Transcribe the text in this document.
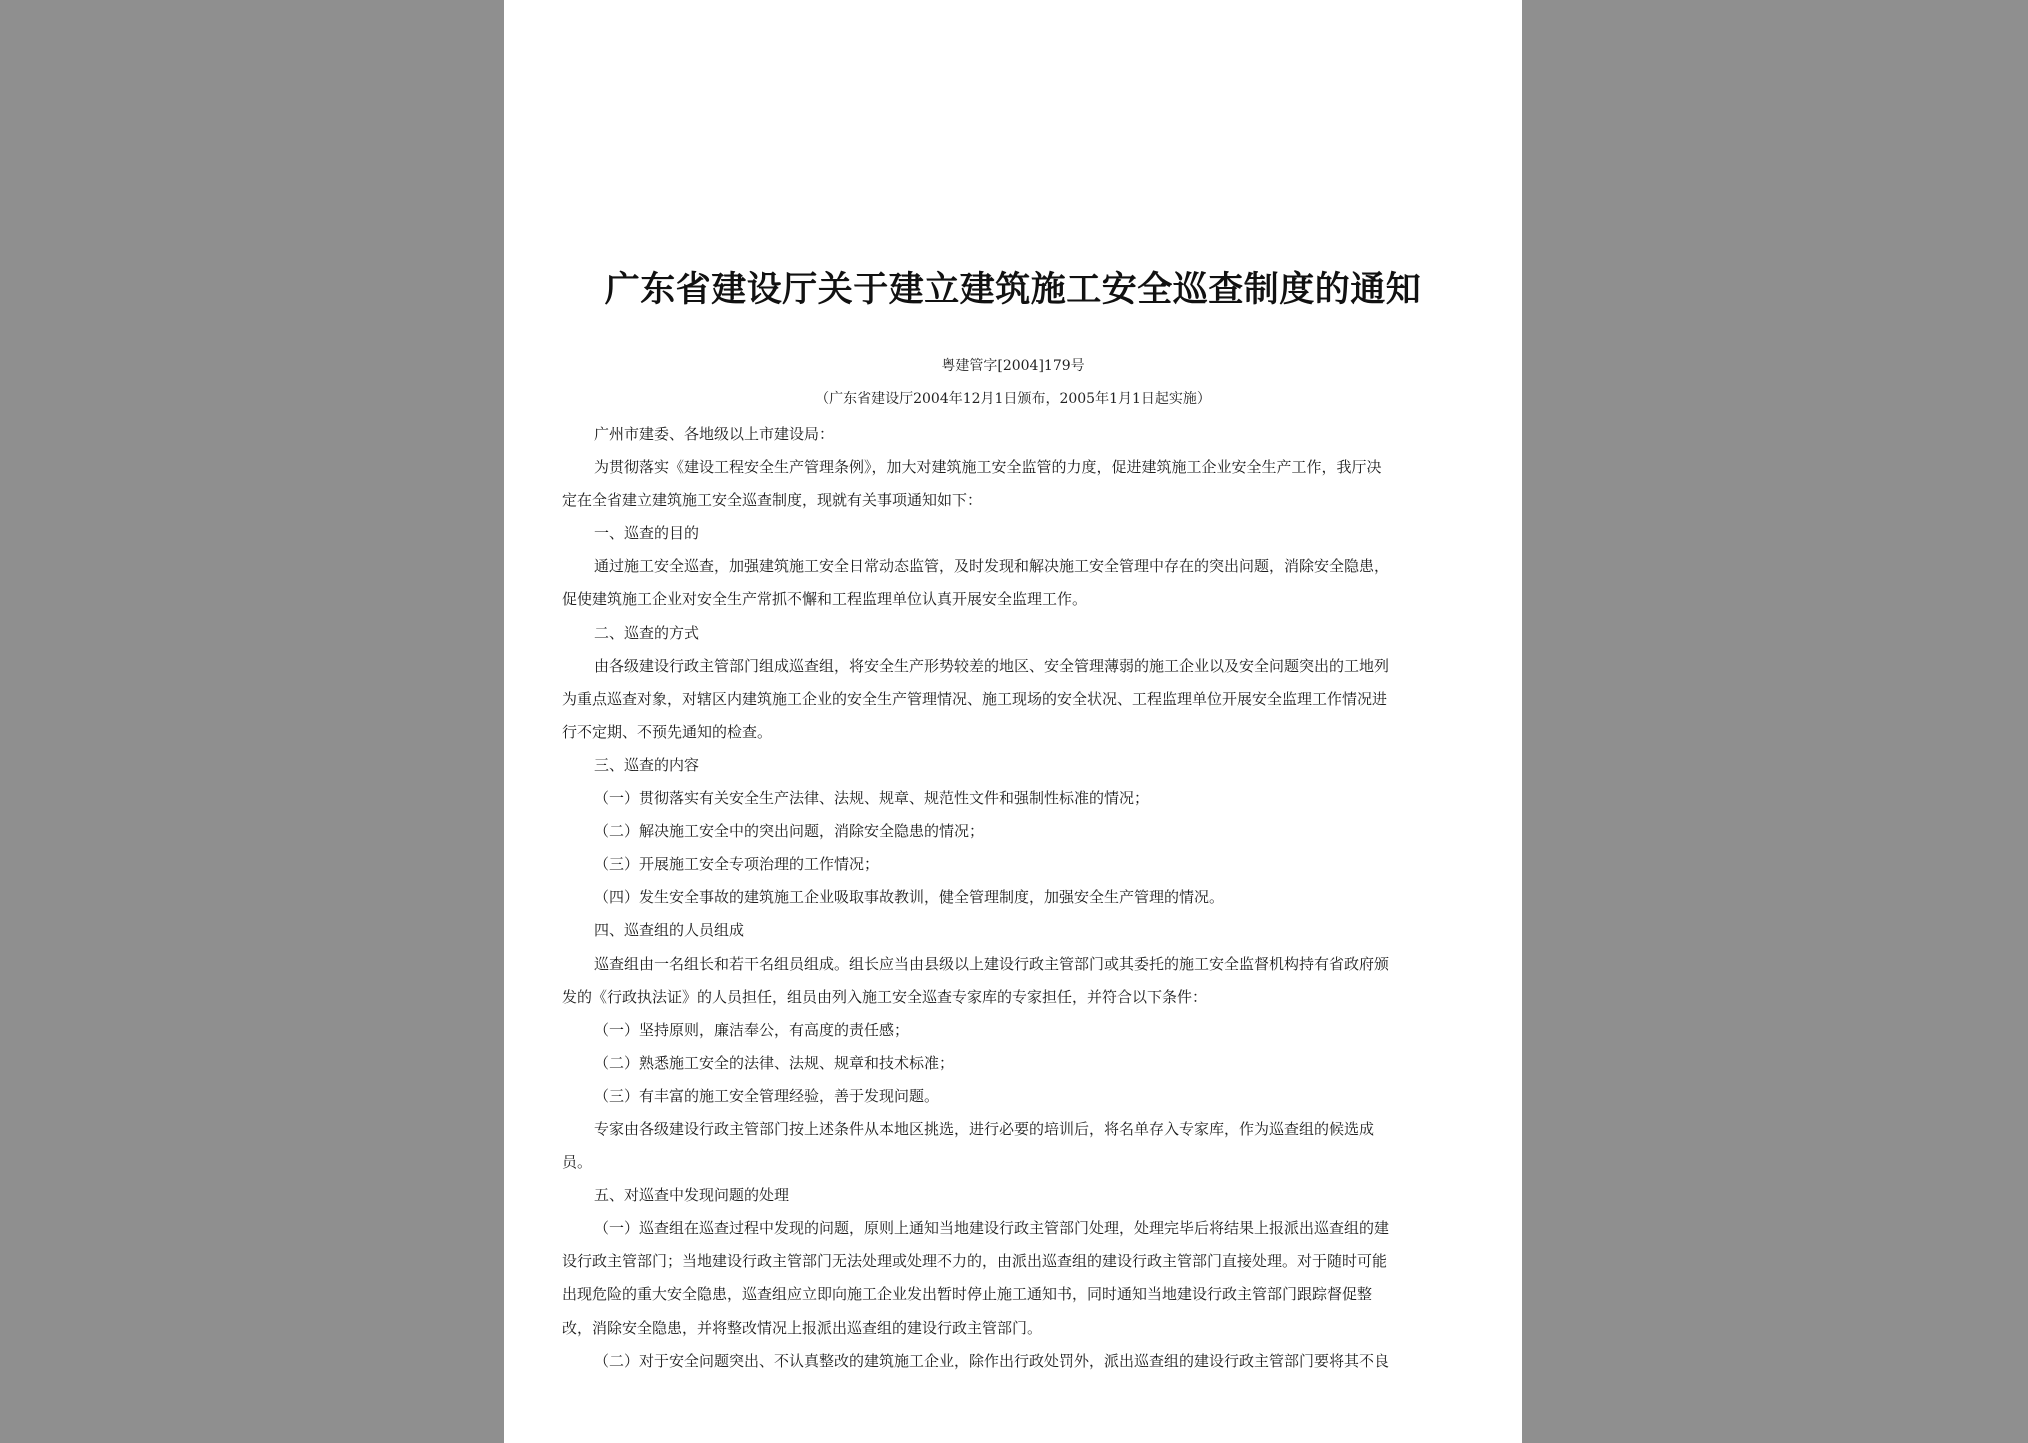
广东省建设厅关于建立建筑施工安全巡查制度的通知
粤建管字[2004]179号
（广东省建设厅2004年12月1日颁布，2005年1月1日起实施）
广州市建委、各地级以上市建设局：
为贯彻落实《建设工程安全生产管理条例》，加大对建筑施工安全监管的力度，促进建筑施工企业安全生产工作，我厅决
定在全省建立建筑施工安全巡查制度，现就有关事项通知如下：
一、巡查的目的
通过施工安全巡查，加强建筑施工安全日常动态监管，及时发现和解决施工安全管理中存在的突出问题，消除安全隐患，
促使建筑施工企业对安全生产常抓不懈和工程监理单位认真开展安全监理工作。
二、巡查的方式
由各级建设行政主管部门组成巡查组，将安全生产形势较差的地区、安全管理薄弱的施工企业以及安全问题突出的工地列
为重点巡查对象，对辖区内建筑施工企业的安全生产管理情况、施工现场的安全状况、工程监理单位开展安全监理工作情况进
行不定期、不预先通知的检查。
三、巡查的内容
（一）贯彻落实有关安全生产法律、法规、规章、规范性文件和强制性标准的情况；
（二）解决施工安全中的突出问题，消除安全隐患的情况；
（三）开展施工安全专项治理的工作情况；
（四）发生安全事故的建筑施工企业吸取事故教训，健全管理制度，加强安全生产管理的情况。
四、巡查组的人员组成
巡查组由一名组长和若干名组员组成。组长应当由县级以上建设行政主管部门或其委托的施工安全监督机构持有省政府颁
发的《行政执法证》的人员担任，组员由列入施工安全巡查专家库的专家担任，并符合以下条件：
（一）坚持原则，廉洁奉公，有高度的责任感；
（二）熟悉施工安全的法律、法规、规章和技术标准；
（三）有丰富的施工安全管理经验，善于发现问题。
专家由各级建设行政主管部门按上述条件从本地区挑选，进行必要的培训后，将名单存入专家库，作为巡查组的候选成
员。
五、对巡查中发现问题的处理
（一）巡查组在巡查过程中发现的问题，原则上通知当地建设行政主管部门处理，处理完毕后将结果上报派出巡查组的建
设行政主管部门；当地建设行政主管部门无法处理或处理不力的，由派出巡查组的建设行政主管部门直接处理。对于随时可能
出现危险的重大安全隐患，巡查组应立即向施工企业发出暂时停止施工通知书，同时通知当地建设行政主管部门跟踪督促整
改，消除安全隐患，并将整改情况上报派出巡查组的建设行政主管部门。
（二）对于安全问题突出、不认真整改的建筑施工企业，除作出行政处罚外，派出巡查组的建设行政主管部门要将其不良
